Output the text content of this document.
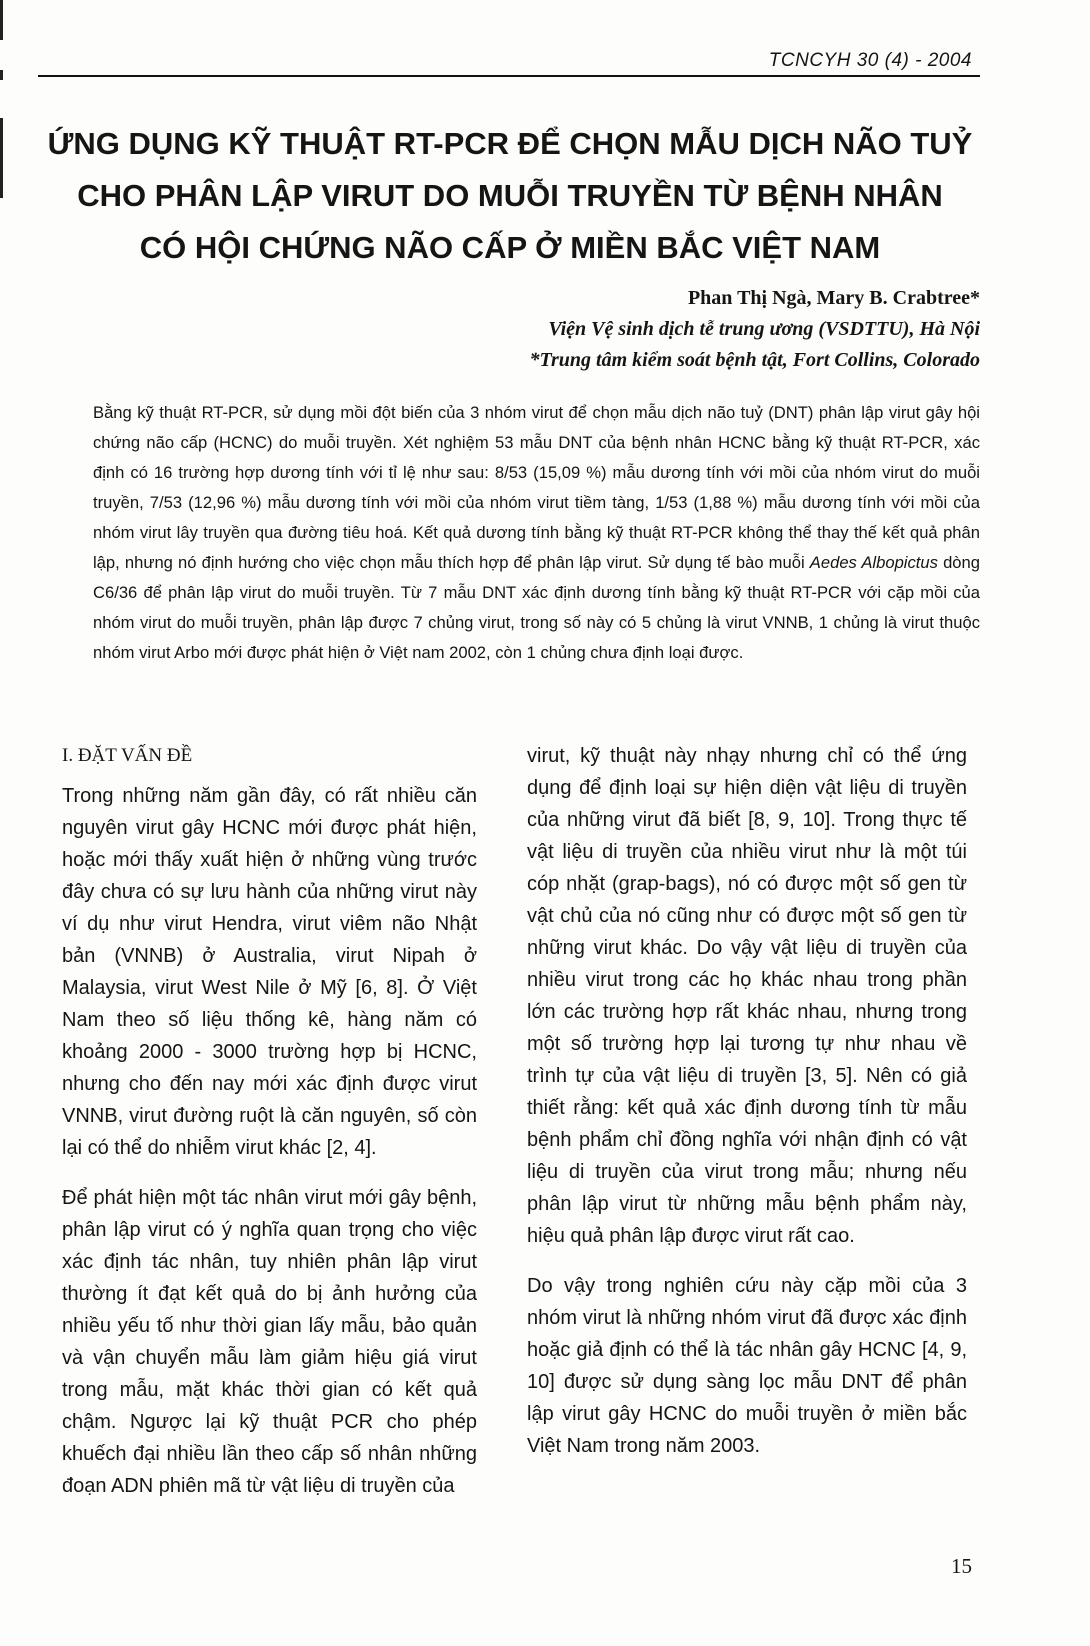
TCNCYH 30 (4) - 2004
ỨNG DỤNG KỸ THUẬT RT-PCR ĐỂ CHỌN MẪU DỊCH NÃO TUỶ
CHO PHÂN LẬP VIRUT DO MUỖI TRUYỀN TỪ BỆNH NHÂN
CÓ HỘI CHỨNG NÃO CẤP Ở MIỀN BẮC VIỆT NAM
Phan Thị Ngà, Mary B. Crabtree*
Viện Vệ sinh dịch tễ trung ương (VSDTTU), Hà Nội
*Trung tâm kiểm soát bệnh tật, Fort Collins, Colorado

Bằng kỹ thuật RT-PCR, sử dụng mồi đột biến của 3 nhóm virut để chọn mẫu dịch não tuỷ (DNT) phân lập virut gây hội chứng não cấp (HCNC) do muỗi truyền. Xét nghiệm 53 mẫu DNT của bệnh nhân HCNC bằng kỹ thuật RT-PCR, xác định có 16 trường hợp dương tính với tỉ lệ như sau: 8/53 (15,09 %) mẫu dương tính với mồi của nhóm virut do muỗi truyền, 7/53 (12,96 %) mẫu dương tính với mồi của nhóm virut tiềm tàng, 1/53 (1,88 %) mẫu dương tính với mồi của nhóm virut lây truyền qua đường tiêu hoá. Kết quả dương tính bằng kỹ thuật RT-PCR không thể thay thế kết quả phân lập, nhưng nó định hướng cho việc chọn mẫu thích hợp để phân lập virut. Sử dụng tế bào muỗi Aedes Albopictus dòng C6/36 để phân lập virut do muỗi truyền. Từ 7 mẫu DNT xác định dương tính bằng kỹ thuật RT-PCR với cặp mồi của nhóm virut do muỗi truyền, phân lập được 7 chủng virut, trong số này có 5 chủng là virut VNNB, 1 chủng là virut thuộc nhóm virut Arbo mới được phát hiện ở Việt nam 2002, còn 1 chủng chưa định loại được.

I. ĐẶT VẤN ĐỀ

Trong những năm gần đây, có rất nhiều căn nguyên virut gây HCNC mới được phát hiện, hoặc mới thấy xuất hiện ở những vùng trước đây chưa có sự lưu hành của những virut này ví dụ như virut Hendra, virut viêm não Nhật bản (VNNB) ở Australia, virut Nipah ở Malaysia, virut West Nile ở Mỹ [6, 8]. Ở Việt Nam theo số liệu thống kê, hàng năm có khoảng 2000 - 3000 trường hợp bị HCNC, nhưng cho đến nay mới xác định được virut VNNB, virut đường ruột là căn nguyên, số còn lại có thể do nhiễm virut khác [2, 4].

Để phát hiện một tác nhân virut mới gây bệnh, phân lập virut có ý nghĩa quan trọng cho việc xác định tác nhân, tuy nhiên phân lập virut thường ít đạt kết quả do bị ảnh hưởng của nhiều yếu tố như thời gian lấy mẫu, bảo quản và vận chuyển mẫu làm giảm hiệu giá virut trong mẫu, mặt khác thời gian có kết quả chậm. Ngược lại kỹ thuật PCR cho phép khuếch đại nhiều lần theo cấp số nhân những đoạn ADN phiên mã từ vật liệu di truyền của

virut, kỹ thuật này nhạy nhưng chỉ có thể ứng dụng để định loại sự hiện diện vật liệu di truyền của những virut đã biết [8, 9, 10]. Trong thực tế vật liệu di truyền của nhiều virut như là một túi cóp nhặt (grap-bags), nó có được một số gen từ vật chủ của nó cũng như có được một số gen từ những virut khác. Do vậy vật liệu di truyền của nhiều virut trong các họ khác nhau trong phần lớn các trường hợp rất khác nhau, nhưng trong một số trường hợp lại tương tự như nhau về trình tự của vật liệu di truyền [3, 5]. Nên có giả thiết rằng: kết quả xác định dương tính từ mẫu bệnh phẩm chỉ đồng nghĩa với nhận định có vật liệu di truyền của virut trong mẫu; nhưng nếu phân lập virut từ những mẫu bệnh phẩm này, hiệu quả phân lập được virut rất cao.

Do vậy trong nghiên cứu này cặp mồi của 3 nhóm virut là những nhóm virut đã được xác định hoặc giả định có thể là tác nhân gây HCNC [4, 9, 10] được sử dụng sàng lọc mẫu DNT để phân lập virut gây HCNC do muỗi truyền ở miền bắc Việt Nam trong năm 2003.

15
